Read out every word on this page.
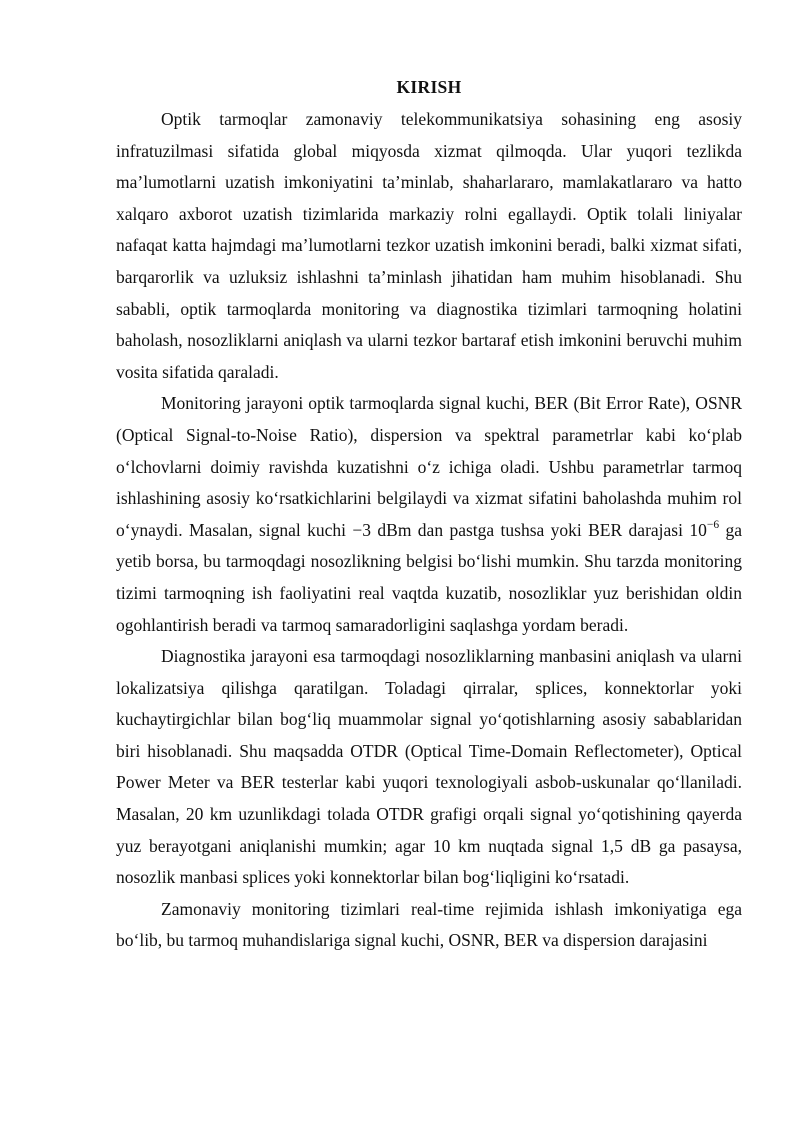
KIRISH

Optik tarmoqlar zamonaviy telekommunikatsiya sohasining eng asosiy infratuzilmasi sifatida global miqyosda xizmat qilmoqda. Ular yuqori tezlikda ma’lumotlarni uzatish imkoniyatini ta’minlab, shaharlararo, mamlakatlararo va hatto xalqaro axborot uzatish tizimlarida markaziy rolni egallaydi. Optik tolali liniyalar nafaqat katta hajmdagi ma’lumotlarni tezkor uzatish imkonini beradi, balki xizmat sifati, barqarorlik va uzluksiz ishlashni ta’minlash jihatidan ham muhim hisoblanadi. Shu sababli, optik tarmoqlarda monitoring va diagnostika tizimlari tarmoqning holatini baholash, nosozliklarni aniqlash va ularni tezkor bartaraf etish imkonini beruvchi muhim vosita sifatida qaraladi.

Monitoring jarayoni optik tarmoqlarda signal kuchi, BER (Bit Error Rate), OSNR (Optical Signal-to-Noise Ratio), dispersion va spektral parametrlar kabi ko‘plab o‘lchovlarni doimiy ravishda kuzatishni o‘z ichiga oladi. Ushbu parametrlar tarmoq ishlashining asosiy ko‘rsatkichlarini belgilaydi va xizmat sifatini baholashda muhim rol o‘ynaydi. Masalan, signal kuchi −3 dBm dan pastga tushsa yoki BER darajasi $10^{-6}$ ga yetib borsa, bu tarmoqdagi nosozlikning belgisi bo‘lishi mumkin. Shu tarzda monitoring tizimi tarmoqning ish faoliyatini real vaqtda kuzatib, nosozliklar yuz berishidan oldin ogohlantirish beradi va tarmoq samaradorligini saqlashga yordam beradi.

Diagnostika jarayoni esa tarmoqdagi nosozliklarning manbasini aniqlash va ularni lokalizatsiya qilishga qaratilgan. Toladagi qirralar, splices, konnektorlar yoki kuchaytirgichlar bilan bog‘liq muammolar signal yo‘qotishlarning asosiy sabablaridan biri hisoblanadi. Shu maqsadda OTDR (Optical Time-Domain Reflectometer), Optical Power Meter va BER testerlar kabi yuqori texnologiyali asbob-uskunalar qo‘llaniladi. Masalan, 20 km uzunlikdagi tolada OTDR grafigi orqali signal yo‘qotishining qayerda yuz berayotgani aniqlanishi mumkin; agar 10 km nuqtada signal 1,5 dB ga pasaysa, nosozlik manbasi splices yoki konnektorlar bilan bog‘liqligini ko‘rsatadi.

Zamonaviy monitoring tizimlari real-time rejimida ishlash imkoniyatiga ega bo‘lib, bu tarmoq muhandislariga signal kuchi, OSNR, BER va dispersion darajasini
